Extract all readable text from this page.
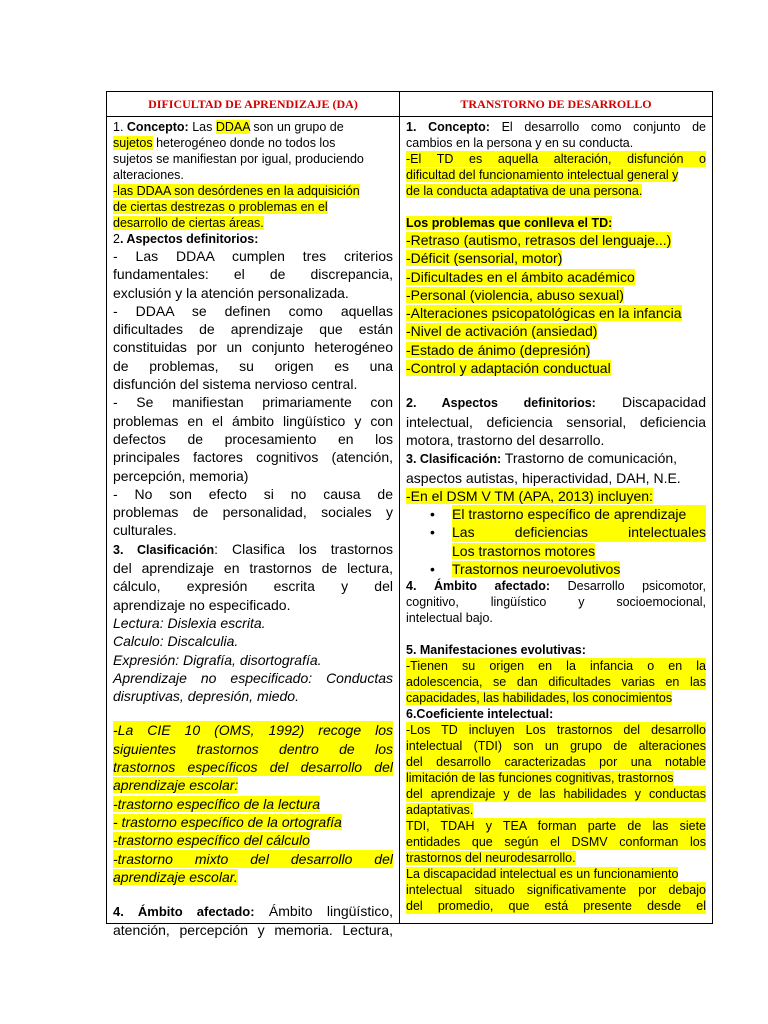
DIFICULTAD DE APRENDIZAJE (DA)	TRANSTORNO DE DESARROLLO
1. Concepto: Las DDAA son un grupo de
sujetos heterogéneo donde no todos los
sujetos se manifiestan por igual, produciendo
alteraciones.
-las DDAA son desórdenes en la adquisición
de ciertas destrezas o problemas en el
desarrollo de ciertas áreas.
2. Aspectos definitorios:
- Las DDAA cumplen tres criterios
fundamentales: el de discrepancia,
exclusión y la atención personalizada.
- DDAA se definen como aquellas
dificultades de aprendizaje que están
constituidas por un conjunto heterogéneo
de problemas, su origen es una
disfunción del sistema nervioso central.
- Se manifiestan primariamente con
problemas en el ámbito lingüístico y con
defectos de procesamiento en los
principales factores cognitivos (atención,
percepción, memoria)
- No son efecto si no causa de
problemas de personalidad, sociales y
culturales.
3. Clasificación: Clasifica los trastornos
del aprendizaje en trastornos de lectura,
cálculo, expresión escrita y del
aprendizaje no especificado.
Lectura: Dislexia escrita.
Calculo: Discalculia.
Expresión: Digrafía, disortografía.
Aprendizaje no especificado: Conductas
disruptivas, depresión, miedo.
-La CIE 10 (OMS, 1992) recoge los
siguientes trastornos dentro de los
trastornos específicos del desarrollo del
aprendizaje escolar:
-trastorno específico de la lectura
- trastorno específico de la ortografía
-trastorno específico del cálculo
-trastorno mixto del desarrollo del
aprendizaje escolar.
4. Ámbito afectado: Ámbito lingüístico,
atención, percepción y memoria. Lectura,
1. Concepto: El desarrollo como conjunto de
cambios en la persona y en su conducta.
-El TD es aquella alteración, disfunción o
dificultad del funcionamiento intelectual general y
de la conducta adaptativa de una persona.
Los problemas que conlleva el TD:
-Retraso (autismo, retrasos del lenguaje...)
-Déficit (sensorial, motor)
-Dificultades en el ámbito académico
-Personal (violencia, abuso sexual)
-Alteraciones psicopatológicas en la infancia
-Nivel de activación (ansiedad)
-Estado de ánimo (depresión)
-Control y adaptación conductual
2. Aspectos definitorios: Discapacidad
intelectual, deficiencia sensorial, deficiencia
motora, trastorno del desarrollo.
3. Clasificación: Trastorno de comunicación,
aspectos autistas, hiperactividad, DAH, N.E.
-En el DSM V TM (APA, 2013) incluyen:
• El trastorno específico de aprendizaje
• Las deficiencias intelectuales
Los trastornos motores
• Trastornos neuroevolutivos
4. Ámbito afectado: Desarrollo psicomotor,
cognitivo, lingüístico y socioemocional,
intelectual bajo.
5. Manifestaciones evolutivas:
-Tienen su origen en la infancia o en la
adolescencia, se dan dificultades varias en las
capacidades, las habilidades, los conocimientos
6.Coeficiente intelectual:
-Los TD incluyen Los trastornos del desarrollo
intelectual (TDI) son un grupo de alteraciones
del desarrollo caracterizadas por una notable
limitación de las funciones cognitivas, trastornos
del aprendizaje y de las habilidades y conductas
adaptativas.
TDI, TDAH y TEA forman parte de las siete
entidades que según el DSMV conforman los
trastornos del neurodesarrollo.
La discapacidad intelectual es un funcionamiento
intelectual situado significativamente por debajo
del promedio, que está presente desde el
